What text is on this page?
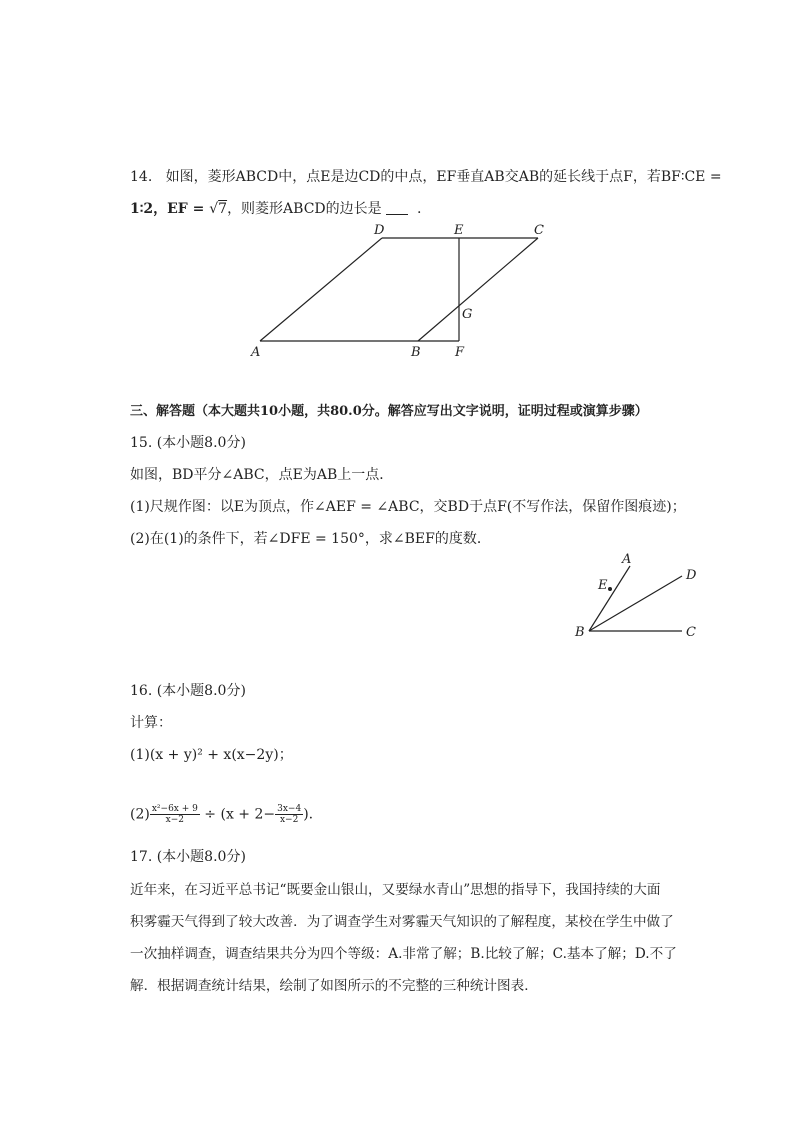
14. 如图，菱形ABCD中，点E是边CD的中点，EF垂直AB交AB的延长线于点F，若BF∶CE =
1∶2，EF = √7，则菱形ABCD的边长是	.
D	E	C
G
A	B	F
三、解答题（本大题共10小题，共80.0分。解答应写出文字说明，证明过程或演算步骤）
15. (本小题8.0分)
如图，BD平分∠ABC，点E为AB上一点．
(1)尺规作图：以E为顶点，作∠AEF = ∠ABC，交BD于点F(不写作法，保留作图痕迹)；
(2)在(1)的条件下，若∠DFE = 150°，求∠BEF的度数．
A
D
E
B	C
16. (本小题8.0分)
计算：
(1)(x + y)² + x(x−2y)；
$(2) \frac{\text{x²−6x + 9}}{x-2} \div (x + 2- \frac{3x-4}{x-2}$ ).
17. (本小题8.0分)
近年来，在习近平总书记“既要金山银山，又要绿水青山”思想的指导下，我国持续的大面
积雾霾天气得到了较大改善．为了调查学生对雾霾天气知识的了解程度，某校在学生中做了
一次抽样调查，调查结果共分为四个等级：A.非常了解；B.比较了解；C.基本了解；D.不了
解．根据调查统计结果，绘制了如图所示的不完整的三种统计图表．
